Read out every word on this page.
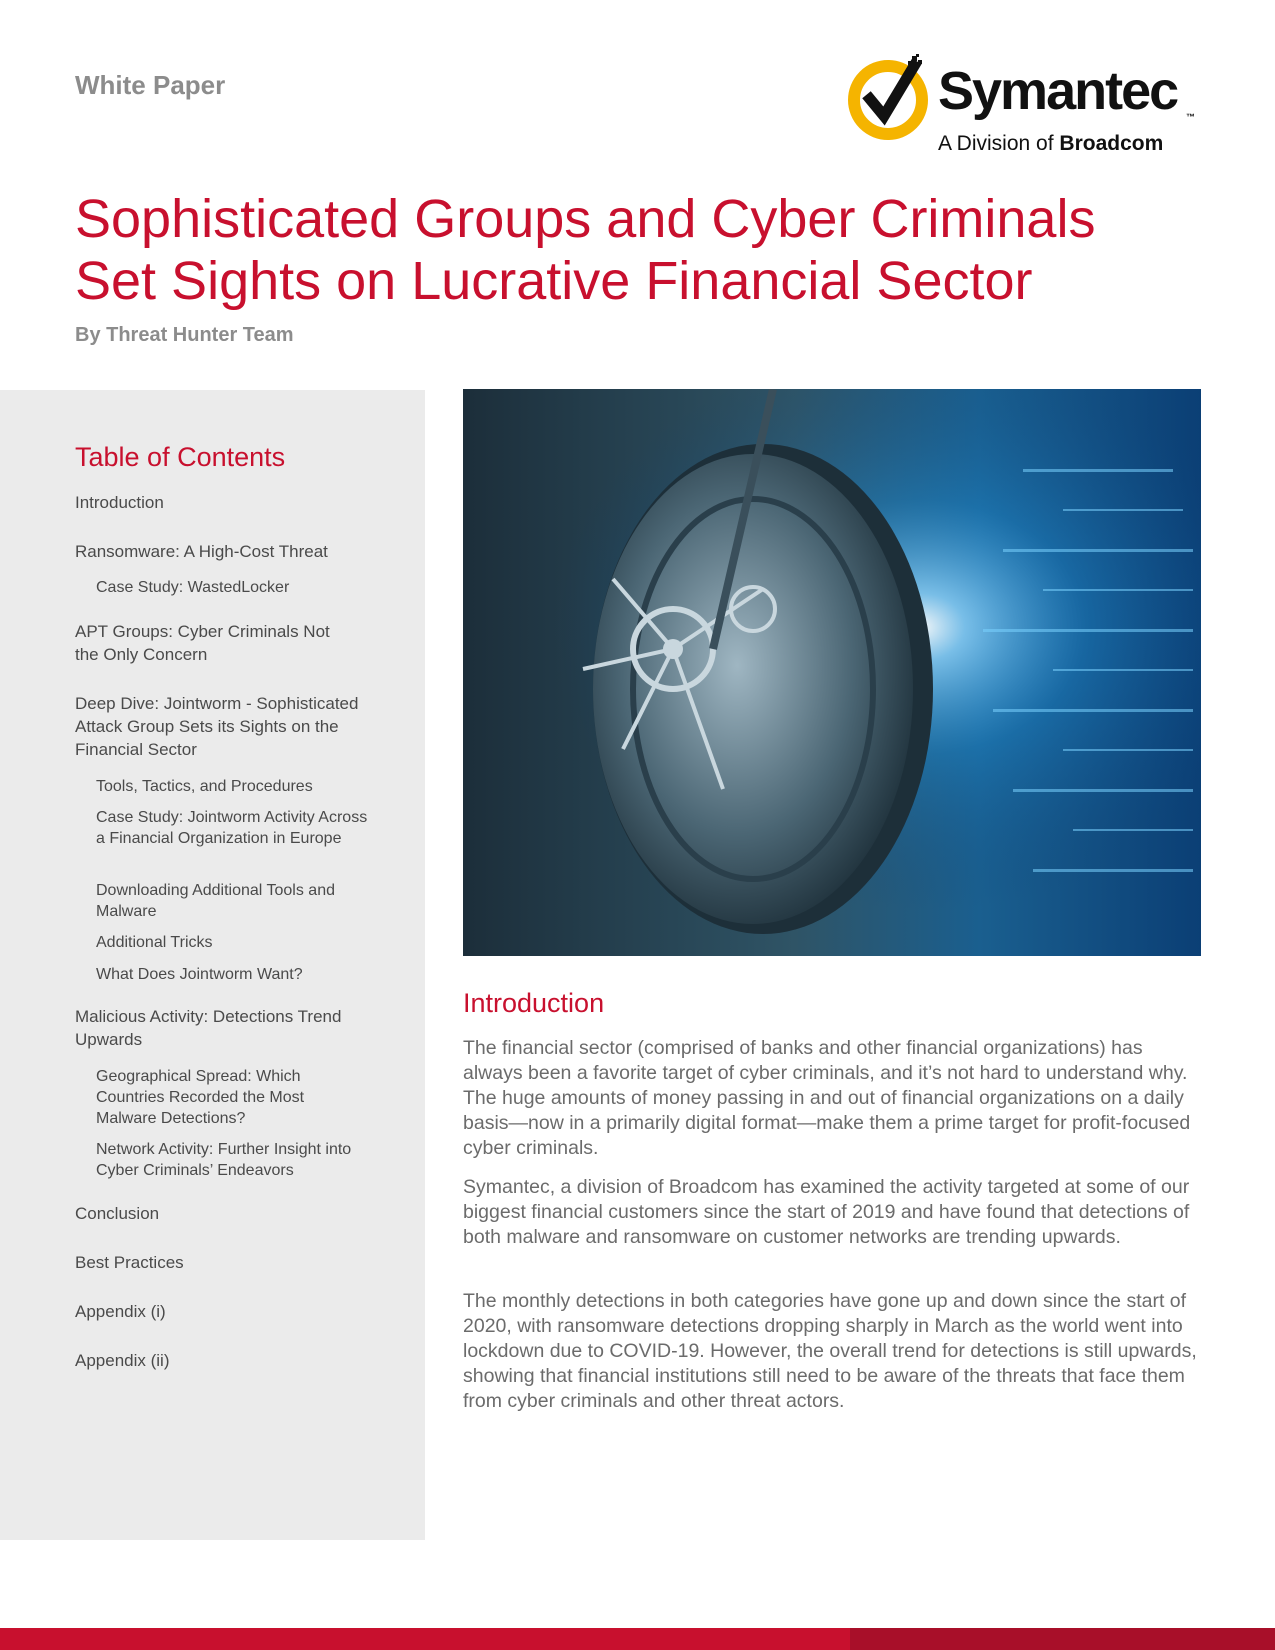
White Paper	Symantec ™
A Division of Broadcom
Sophisticated Groups and Cyber Criminals
Set Sights on Lucrative Financial Sector
By Threat Hunter Team
Table of Contents
Introduction
Ransomware: A High-Cost Threat
Case Study: WastedLocker
APT Groups: Cyber Criminals Not the Only Concern
Deep Dive: Jointworm - Sophisticated Attack Group Sets its Sights on the Financial Sector
Tools, Tactics, and Procedures
Case Study: Jointworm Activity Across a Financial Organization in Europe
Downloading Additional Tools and Malware
Additional Tricks
What Does Jointworm Want?
Malicious Activity: Detections Trend Upwards
Geographical Spread: Which Countries Recorded the Most Malware Detections?
Network Activity: Further Insight into Cyber Criminals’ Endeavors
Conclusion
Best Practices
Appendix (i)
Appendix (ii)
Introduction

The financial sector (comprised of banks and other financial organizations) has always been a favorite target of cyber criminals, and it’s not hard to understand why. The huge amounts of money passing in and out of financial organizations on a daily basis—now in a primarily digital format—make them a prime target for profit-focused cyber criminals.

Symantec, a division of Broadcom has examined the activity targeted at some of our biggest financial customers since the start of 2019 and have found that detections of both malware and ransomware on customer networks are trending upwards.

The monthly detections in both categories have gone up and down since the start of 2020, with ransomware detections dropping sharply in March as the world went into lockdown due to COVID-19. However, the overall trend for detections is still upwards, showing that financial institutions still need to be aware of the threats that face them from cyber criminals and other threat actors.
